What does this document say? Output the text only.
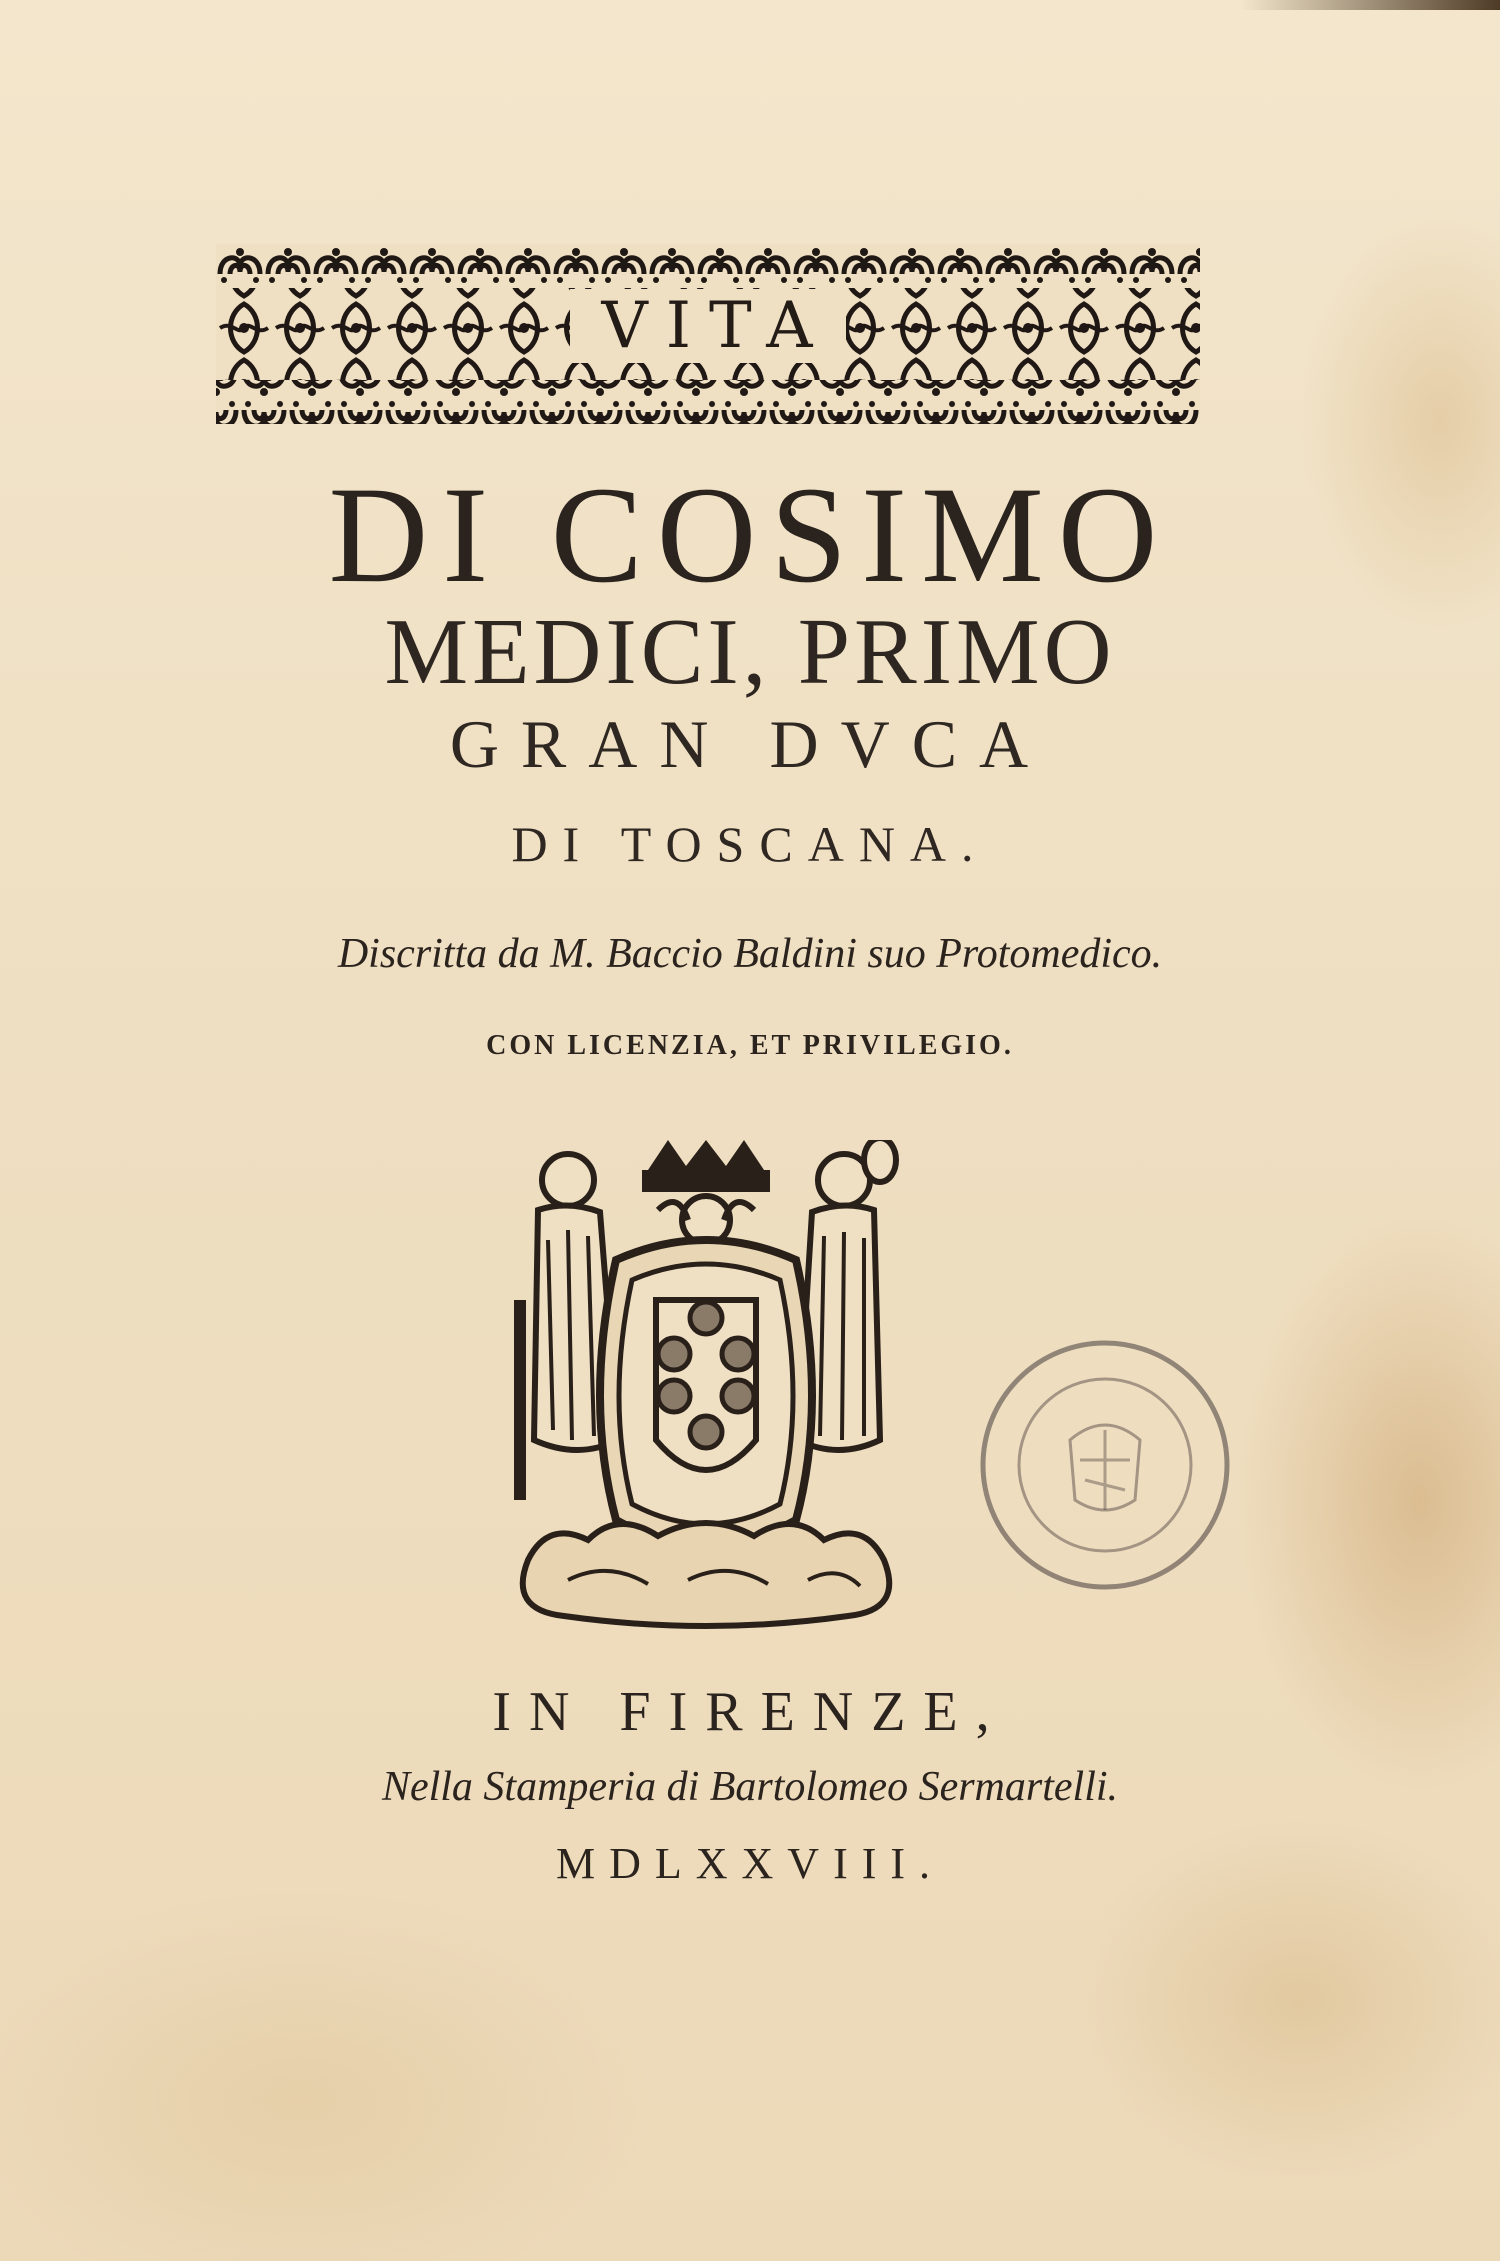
VITA
DI COSIMO
MEDICI, PRIMO
GRAN DVCA
DI TOSCANA.
Discritta da M. Baccio Baldini suo Protomedico.
CON LICENZIA, ET PRIVILEGIO.
IN FIRENZE,
Nella Stamperia di Bartolomeo Sermartelli.
MDLXXVIII.
